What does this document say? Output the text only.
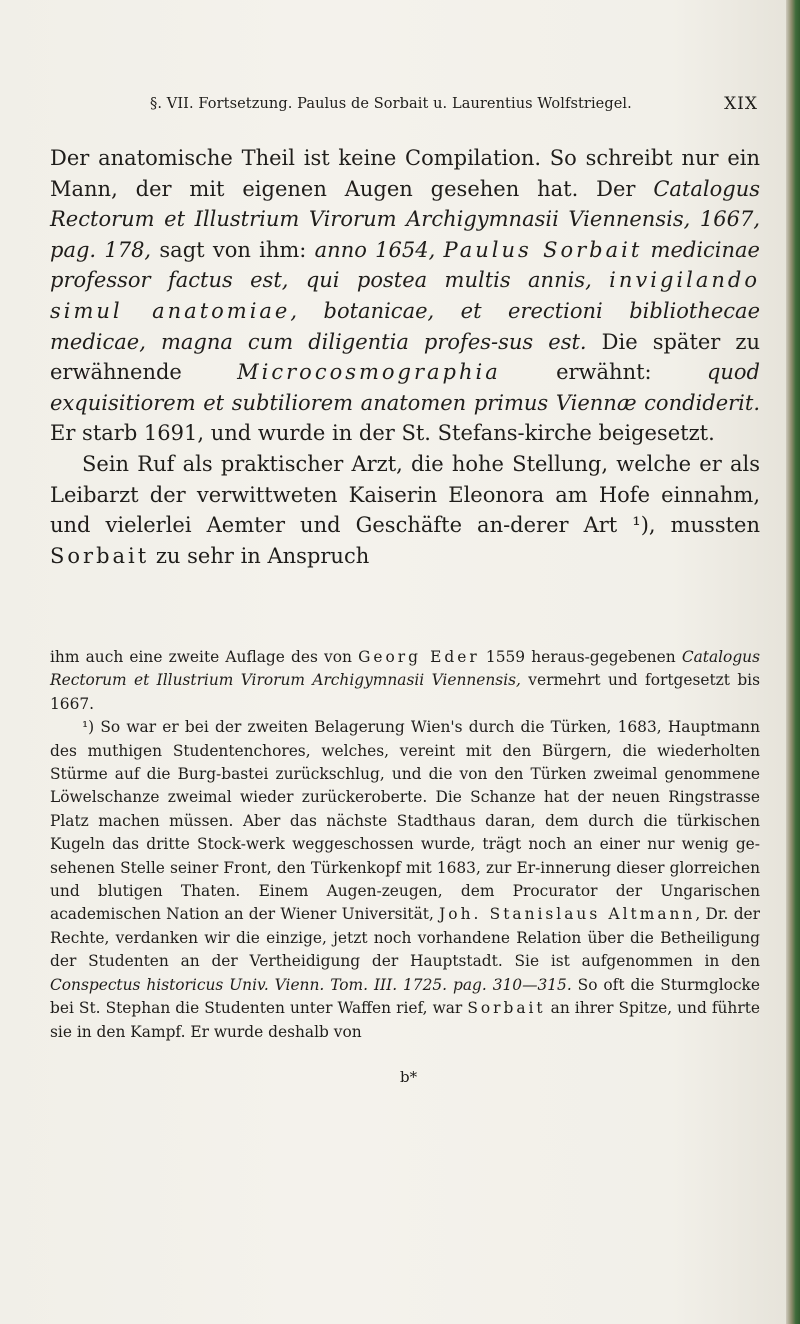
§. VII. Fortsetzung. Paulus de Sorbait u. Laurentius Wolfstriegel.	XIX

Der anatomische Theil ist keine Compilation. So schreibt nur ein Mann, der mit eigenen Augen gesehen hat. Der Catalogus Rectorum et Illustrium Virorum Archigymnasii Viennensis, 1667, pag. 178, sagt von ihm: anno 1654, Paulus Sorbait medicinae professor factus est, qui postea multis annis, invigilando simul anatomiae, botanicae, et erectioni bibliothecae medicae, magna cum diligentia profes-sus est. Die später zu erwähnende Microcosmographia erwähnt: quod exquisitiorem et subtiliorem anatomen primus Viennæ condiderit. Er starb 1691, und wurde in der St. Stefans-kirche beigesetzt.

Sein Ruf als praktischer Arzt, die hohe Stellung, welche er als Leibarzt der verwittweten Kaiserin Eleonora am Hofe einnahm, und vielerlei Aemter und Geschäfte an-derer Art ¹), mussten Sorbait zu sehr in Anspruch

ihm auch eine zweite Auflage des von Georg Eder 1559 heraus-gegebenen Catalogus Rectorum et Illustrium Virorum Archigymnasii Viennensis, vermehrt und fortgesetzt bis 1667.

¹) So war er bei der zweiten Belagerung Wien's durch die Türken, 1683, Hauptmann des muthigen Studentenchores, welches, vereint mit den Bürgern, die wiederholten Stürme auf die Burg-bastei zurückschlug, und die von den Türken zweimal genommene Löwelschanze zweimal wieder zurückeroberte. Die Schanze hat der neuen Ringstrasse Platz machen müssen. Aber das nächste Stadthaus daran, dem durch die türkischen Kugeln das dritte Stock-werk weggeschossen wurde, trägt noch an einer nur wenig ge-sehenen Stelle seiner Front, den Türkenkopf mit 1683, zur Er-innerung dieser glorreichen und blutigen Thaten. Einem Augen-zeugen, dem Procurator der Ungarischen academischen Nation an der Wiener Universität, Joh. Stanislaus Altmann, Dr. der Rechte, verdanken wir die einzige, jetzt noch vorhandene Relation über die Betheiligung der Studenten an der Vertheidigung der Hauptstadt. Sie ist aufgenommen in den Conspectus historicus Univ. Vienn. Tom. III. 1725. pag. 310—315. So oft die Sturmglocke bei St. Stephan die Studenten unter Waffen rief, war Sorbait an ihrer Spitze, und führte sie in den Kampf. Er wurde deshalb von

b*
